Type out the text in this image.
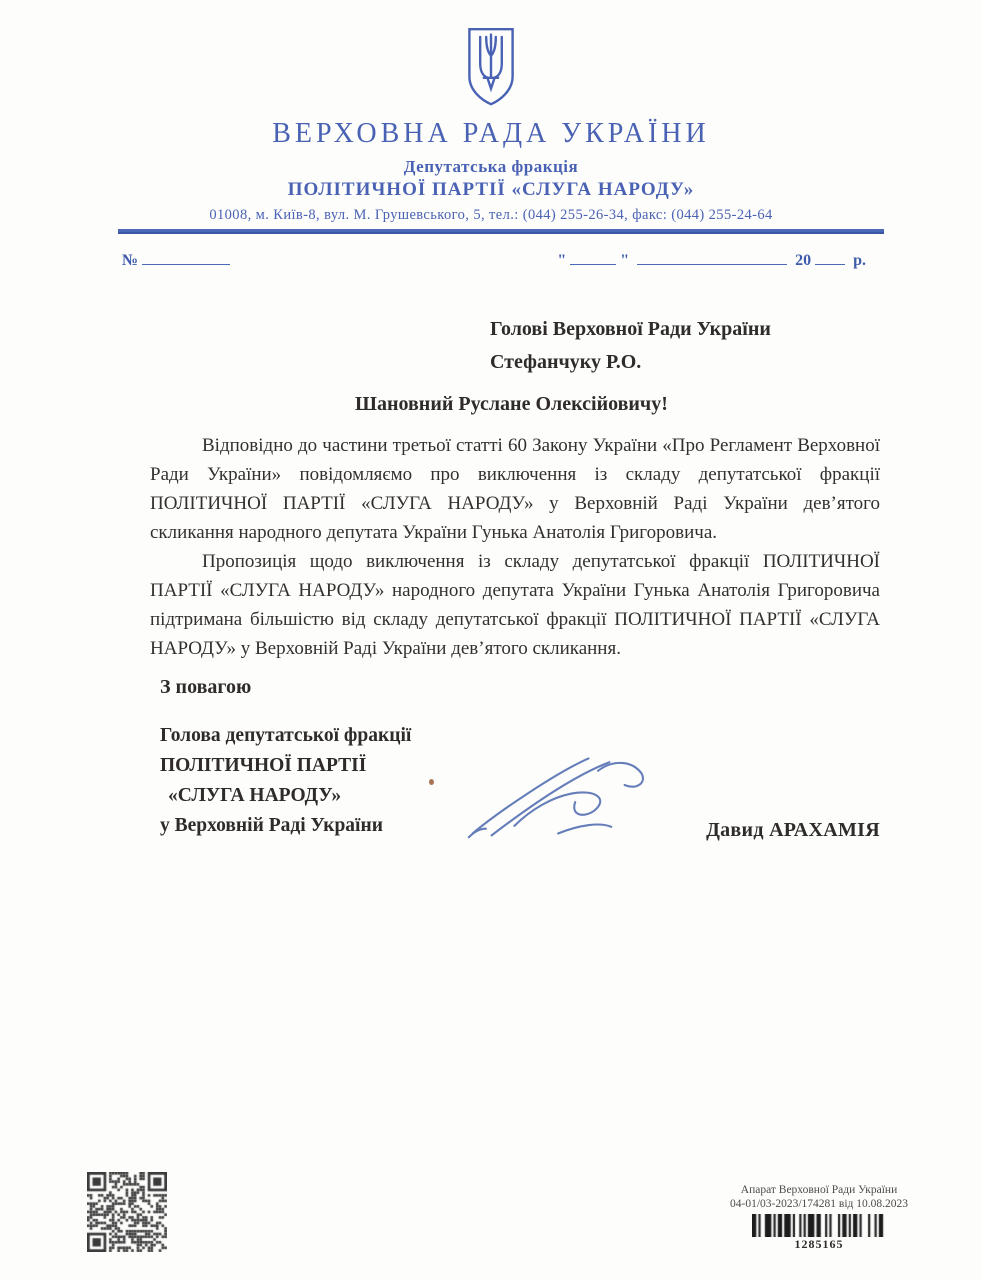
ВЕРХОВНА РАДА УКРАЇНИ
Депутатська фракція
ПОЛІТИЧНОЇ ПАРТІЇ «СЛУГА НАРОДУ»
01008, м. Київ-8, вул. М. Грушевського, 5, тел.: (044) 255-26-34, факс: (044) 255-24-64
№	"	"	20	р.
Голові Верховної Ради України
Стефанчуку Р.О.
Шановний Руслане Олексійовичу!

Відповідно до частини третьої статті 60 Закону України «Про Регламент Верховної Ради України» повідомляємо про виключення із складу депутатської фракції ПОЛІТИЧНОЇ ПАРТІЇ «СЛУГА НАРОДУ» у Верховній Раді України дев’ятого скликання народного депутата України Гунька Анатолія Григоровича.

Пропозиція щодо виключення із складу депутатської фракції ПОЛІТИЧНОЇ ПАРТІЇ «СЛУГА НАРОДУ» народного депутата України Гунька Анатолія Григоровича підтримана більшістю від складу депутатської фракції ПОЛІТИЧНОЇ ПАРТІЇ «СЛУГА НАРОДУ» у Верховній Раді України дев’ятого скликання.

З повагою
Голова депутатської фракції
ПОЛІТИЧНОЇ ПАРТІЇ
«СЛУГА НАРОДУ»
у Верховній Раді України	Давид АРАХАМІЯ
Апарат Верховної Ради України
04-01/03-2023/174281 від 10.08.2023
1285165
